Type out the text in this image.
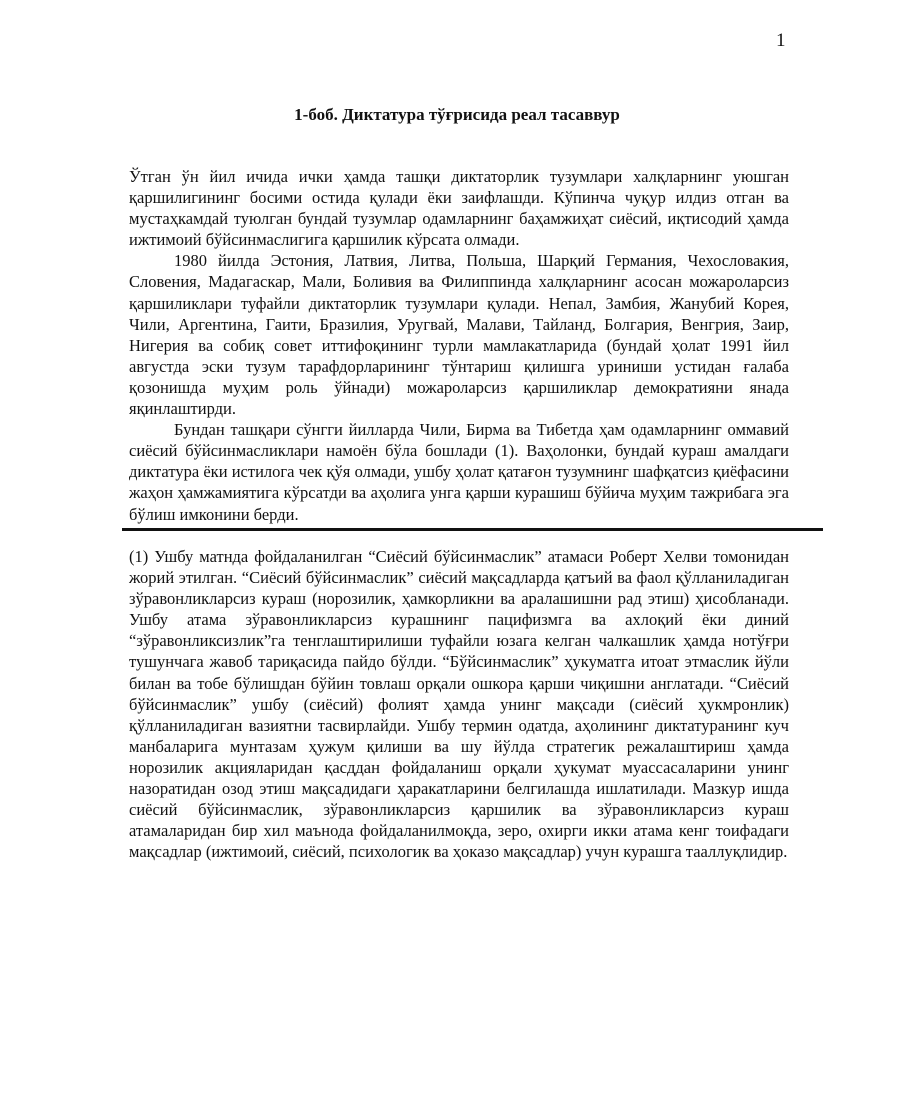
1
1-боб. Диктатура тўғрисида реал тасаввур

Ўтган ўн йил ичида ички ҳамда ташқи диктаторлик тузумлари халқларнинг уюшган қаршилигининг босими остида қулади ёки заифлашди. Кўпинча чуқур илдиз отган ва мустаҳкамдай туюлган бундай тузумлар одамларнинг баҳамжиҳат сиёсий, иқтисодий ҳамда ижтимоий бўйсинмаслигига қаршилик кўрсата олмади.

1980 йилда Эстония, Латвия, Литва, Польша, Шарқий Германия, Чехословакия, Словения, Мадагаскар, Мали, Боливия ва Филиппинда халқларнинг асосан можароларсиз қаршиликлари туфайли диктаторлик тузумлари қулади. Непал, Замбия, Жанубий Корея, Чили, Аргентина, Гаити, Бразилия, Уругвай, Малави, Тайланд, Болгария, Венгрия, Заир, Нигерия ва собиқ совет иттифоқининг турли мамлакатларида (бундай ҳолат 1991 йил августда эски тузум тарафдорларининг тўнтариш қилишга уриниши устидан ғалаба қозонишда муҳим роль ўйнади) можароларсиз қаршиликлар демократияни янада яқинлаштирди.

Бундан ташқари сўнгги йилларда Чили, Бирма ва Тибетда ҳам одамларнинг оммавий сиёсий бўйсинмасликлари намоён бўла бошлади (1). Ваҳолонки, бундай кураш амалдаги диктатура ёки истилога чек қўя олмади, ушбу ҳолат қатағон тузумнинг шафқатсиз қиёфасини жаҳон ҳамжамиятига кўрсатди ва аҳолига унга қарши курашиш бўйича муҳим тажрибага эга бўлиш имконини берди.

(1) Ушбу матнда фойдаланилган “Сиёсий бўйсинмаслик” атамаси Роберт Хелви томонидан жорий этилган. “Сиёсий бўйсинмаслик” сиёсий мақсадларда қатъий ва фаол қўлланиладиган зўравонликларсиз кураш (норозилик, ҳамкорликни ва аралашишни рад этиш) ҳисобланади. Ушбу атама зўравонликларсиз курашнинг пацифизмга ва ахлоқий ёки диний “зўравонликсизлик”га тенглаштирилиши туфайли юзага келган чалкашлик ҳамда нотўғри тушунчага жавоб тариқасида пайдо бўлди. “Бўйсинмаслик” ҳукуматга итоат этмаслик йўли билан ва тобе бўлишдан бўйин товлаш орқали ошкора қарши чиқишни англатади. “Сиёсий бўйсинмаслик” ушбу (сиёсий) фолият ҳамда унинг мақсади (сиёсий ҳукмронлик) қўлланиладиган вазиятни тасвирлайди. Ушбу термин одатда, аҳолининг диктатуранинг куч манбаларига мунтазам ҳужум қилиши ва шу йўлда стратегик режалаштириш ҳамда норозилик акцияларидан қасддан фойдаланиш орқали ҳукумат муассасаларини унинг назоратидан озод этиш мақсадидаги ҳаракатларини белгилашда ишлатилади. Мазкур ишда сиёсий бўйсинмаслик, зўравонликларсиз қаршилик ва зўравонликларсиз кураш атамаларидан бир хил маънода фойдаланилмоқда, зеро, охирги икки атама кенг тоифадаги мақсадлар (ижтимоий, сиёсий, психологик ва ҳоказо мақсадлар) учун курашга тааллуқлидир.
